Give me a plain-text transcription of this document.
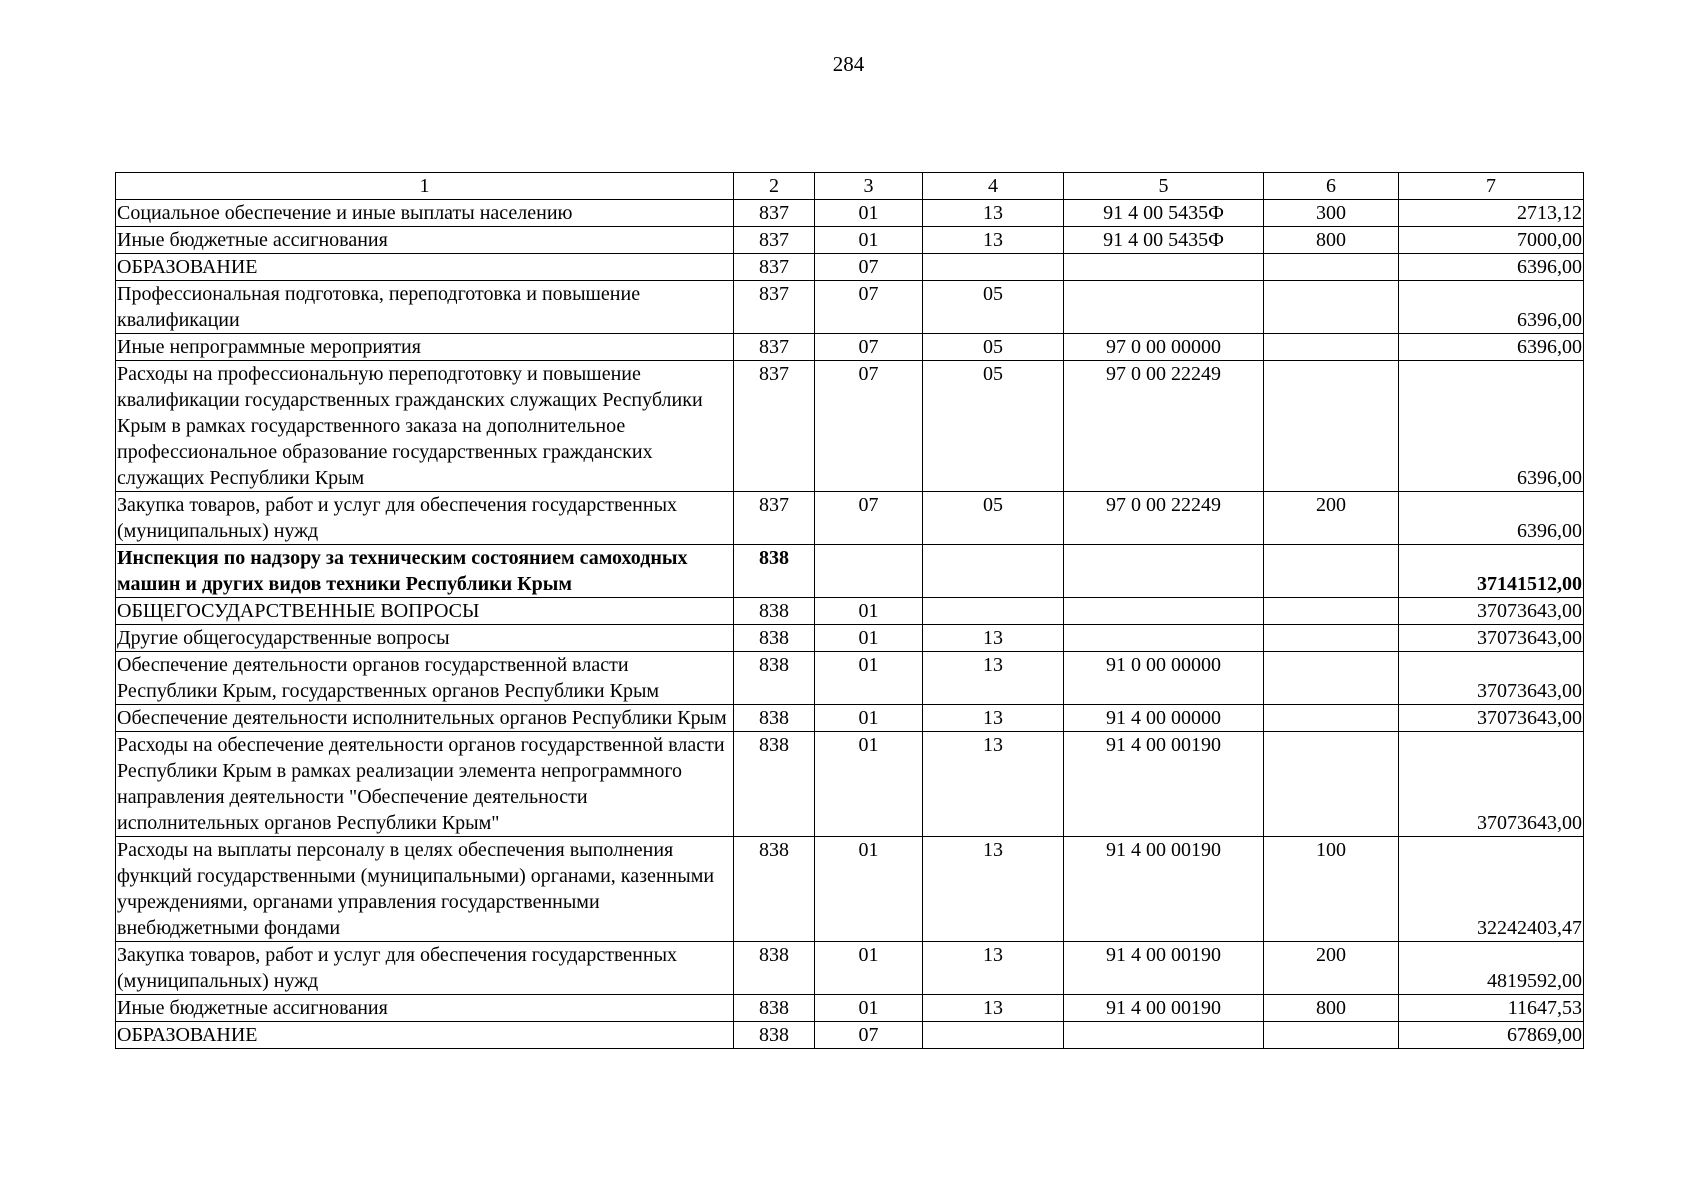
284
1	2	3	4	5	6	7
Социальное обеспечение и иные выплаты населению	837	01	13	91 4 00 5435Ф	300	2713,12
Иные бюджетные ассигнования	837	01	13	91 4 00 5435Ф	800	7000,00
ОБРАЗОВАНИЕ	837	07				6396,00
Профессиональная подготовка, переподготовка и повышение квалификации	837	07	05			6396,00
Иные непрограммные мероприятия	837	07	05	97 0 00 00000		6396,00
Расходы на профессиональную переподготовку и повышение квалификации государственных гражданских служащих Республики Крым в рамках государственного заказа на дополнительное профессиональное образование государственных гражданских служащих Республики Крым	837	07	05	97 0 00 22249		6396,00
Закупка товаров, работ и услуг для обеспечения государственных (муниципальных) нужд	837	07	05	97 0 00 22249	200	6396,00
Инспекция по надзору за техническим состоянием самоходных машин и других видов техники Республики Крым	838					37141512,00
ОБЩЕГОСУДАРСТВЕННЫЕ ВОПРОСЫ	838	01				37073643,00
Другие общегосударственные вопросы	838	01	13			37073643,00
Обеспечение деятельности органов государственной власти Республики Крым, государственных органов Республики Крым	838	01	13	91 0 00 00000		37073643,00
Обеспечение деятельности исполнительных органов Республики Крым	838	01	13	91 4 00 00000		37073643,00
Расходы на обеспечение деятельности органов государственной власти Республики Крым в рамках реализации элемента непрограммного направления деятельности "Обеспечение деятельности исполнительных органов Республики Крым"	838	01	13	91 4 00 00190		37073643,00
Расходы на выплаты персоналу в целях обеспечения выполнения функций государственными (муниципальными) органами, казенными учреждениями, органами управления государственными внебюджетными фондами	838	01	13	91 4 00 00190	100	32242403,47
Закупка товаров, работ и услуг для обеспечения государственных (муниципальных) нужд	838	01	13	91 4 00 00190	200	4819592,00
Иные бюджетные ассигнования	838	01	13	91 4 00 00190	800	11647,53
ОБРАЗОВАНИЕ	838	07				67869,00
